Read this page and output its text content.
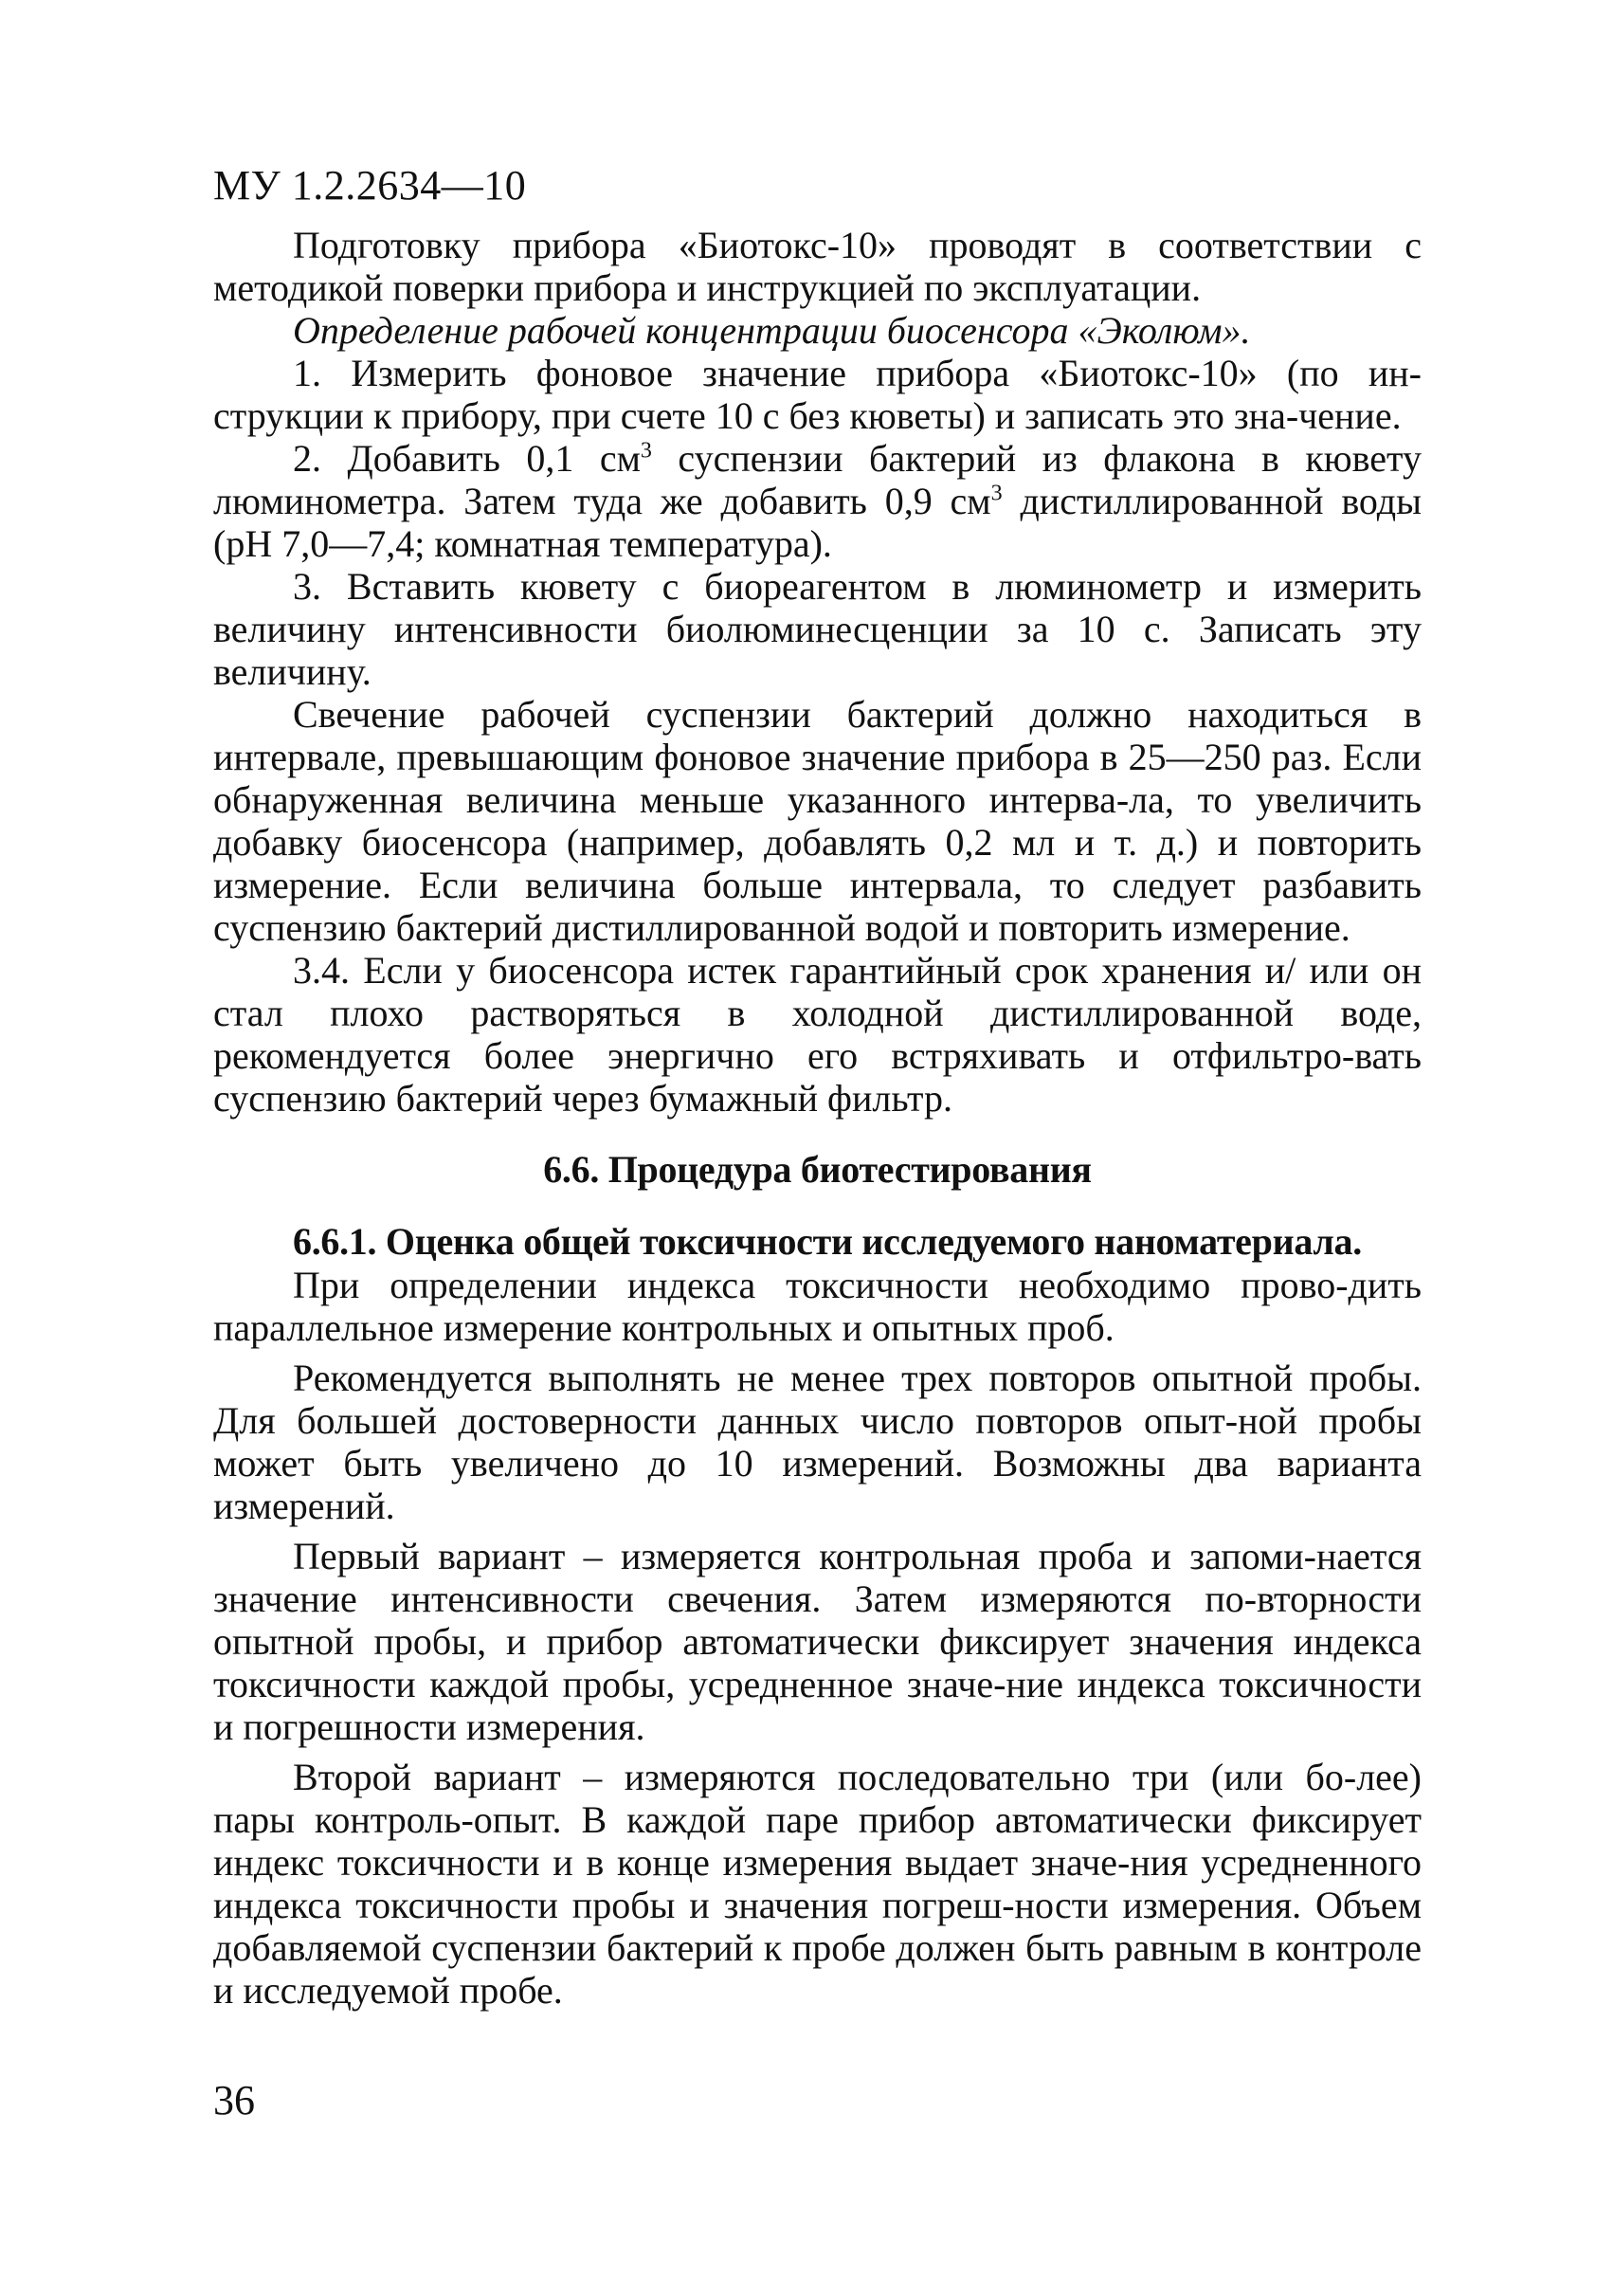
МУ 1.2.2634—10

Подготовку прибора «Биотокс-10» проводят в соответствии с методикой поверки прибора и инструкцией по эксплуатации.

Определение рабочей концентрации биосенсора «Эколюм».

1. Измерить фоновое значение прибора «Биотокс-10» (по ин-струкции к прибору, при счете 10 с без кюветы) и записать это зна-чение.

2. Добавить 0,1 $см^3$ суспензии бактерий из флакона в кювету люминометра. Затем туда же добавить 0,9 $см^3$ дистиллированной воды (рН 7,0—7,4; комнатная температура).

3. Вставить кювету с биореагентом в люминометр и измерить величину интенсивности биолюминесценции за 10 с. Записать эту величину.

Свечение рабочей суспензии бактерий должно находиться в интервале, превышающим фоновое значение прибора в 25—250 раз. Если обнаруженная величина меньше указанного интерва-ла, то увеличить добавку биосенсора (например, добавлять 0,2 мл и т. д.) и повторить измерение. Если величина больше интервала, то следует разбавить суспензию бактерий дистиллированной водой и повторить измерение.

3.4. Если у биосенсора истек гарантийный срок хранения и/ или он стал плохо растворяться в холодной дистиллированной воде, рекомендуется более энергично его встряхивать и отфильтро-вать суспензию бактерий через бумажный фильтр.

6.6. Процедура биотестирования
6.6.1. Оценка общей токсичности исследуемого наноматериала.

При определении индекса токсичности необходимо прово-дить параллельное измерение контрольных и опытных проб.

Рекомендуется выполнять не менее трех повторов опытной пробы. Для большей достоверности данных число повторов опыт-ной пробы может быть увеличено до 10 измерений. Возможны два варианта измерений.

Первый вариант – измеряется контрольная проба и запоми-нается значение интенсивности свечения. Затем измеряются по-вторности опытной пробы, и прибор автоматически фиксирует значения индекса токсичности каждой пробы, усредненное значе-ние индекса токсичности и погрешности измерения.

Второй вариант – измеряются последовательно три (или бо-лее) пары контроль-опыт. В каждой паре прибор автоматически фиксирует индекс токсичности и в конце измерения выдает значе-ния усредненного индекса токсичности пробы и значения погреш-ности измерения. Объем добавляемой суспензии бактерий к пробе должен быть равным в контроле и исследуемой пробе.

36
